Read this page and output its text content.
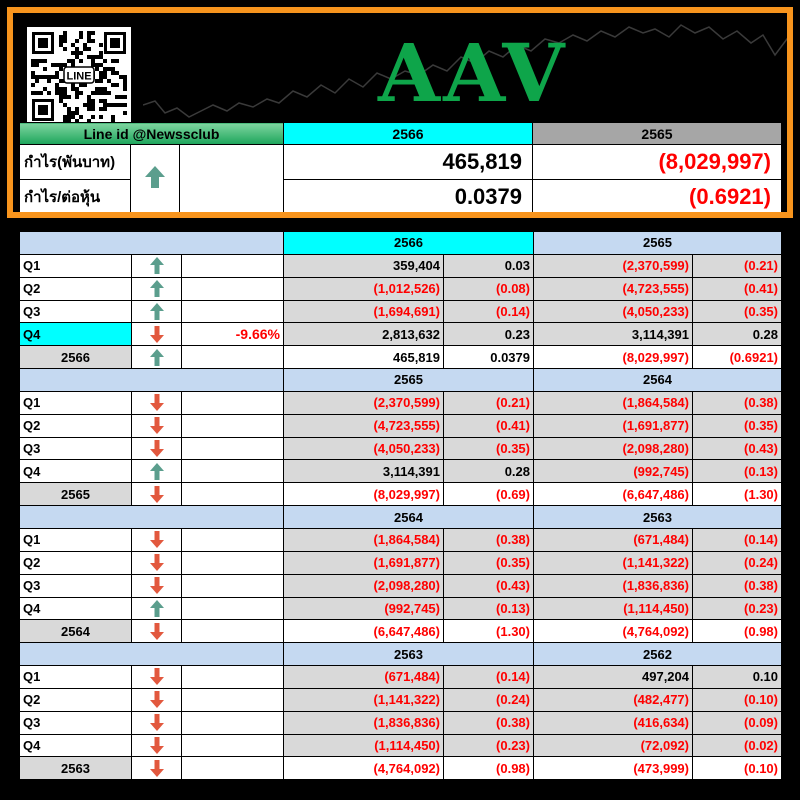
LINE	AAV
Line id @Newssclub			2566	2565
กำไร(พันบาท)			465,819	(8,029,997)
กำไร/ต่อหุ้น			0.0379	(0.6921)
			2566		2565	
Q1			359,404	0.03	(2,370,599)	(0.21)
Q2			(1,012,526)	(0.08)	(4,723,555)	(0.41)
Q3			(1,694,691)	(0.14)	(4,050,233)	(0.35)
Q4		-9.66%	2,813,632	0.23	3,114,391	0.28
2566			465,819	0.0379	(8,029,997)	(0.6921)
			2565		2564	
Q1			(2,370,599)	(0.21)	(1,864,584)	(0.38)
Q2			(4,723,555)	(0.41)	(1,691,877)	(0.35)
Q3			(4,050,233)	(0.35)	(2,098,280)	(0.43)
Q4			3,114,391	0.28	(992,745)	(0.13)
2565			(8,029,997)	(0.69)	(6,647,486)	(1.30)
			2564		2563	
Q1			(1,864,584)	(0.38)	(671,484)	(0.14)
Q2			(1,691,877)	(0.35)	(1,141,322)	(0.24)
Q3			(2,098,280)	(0.43)	(1,836,836)	(0.38)
Q4			(992,745)	(0.13)	(1,114,450)	(0.23)
2564			(6,647,486)	(1.30)	(4,764,092)	(0.98)
			2563		2562	
Q1			(671,484)	(0.14)	497,204	0.10
Q2			(1,141,322)	(0.24)	(482,477)	(0.10)
Q3			(1,836,836)	(0.38)	(416,634)	(0.09)
Q4			(1,114,450)	(0.23)	(72,092)	(0.02)
2563			(4,764,092)	(0.98)	(473,999)	(0.10)
